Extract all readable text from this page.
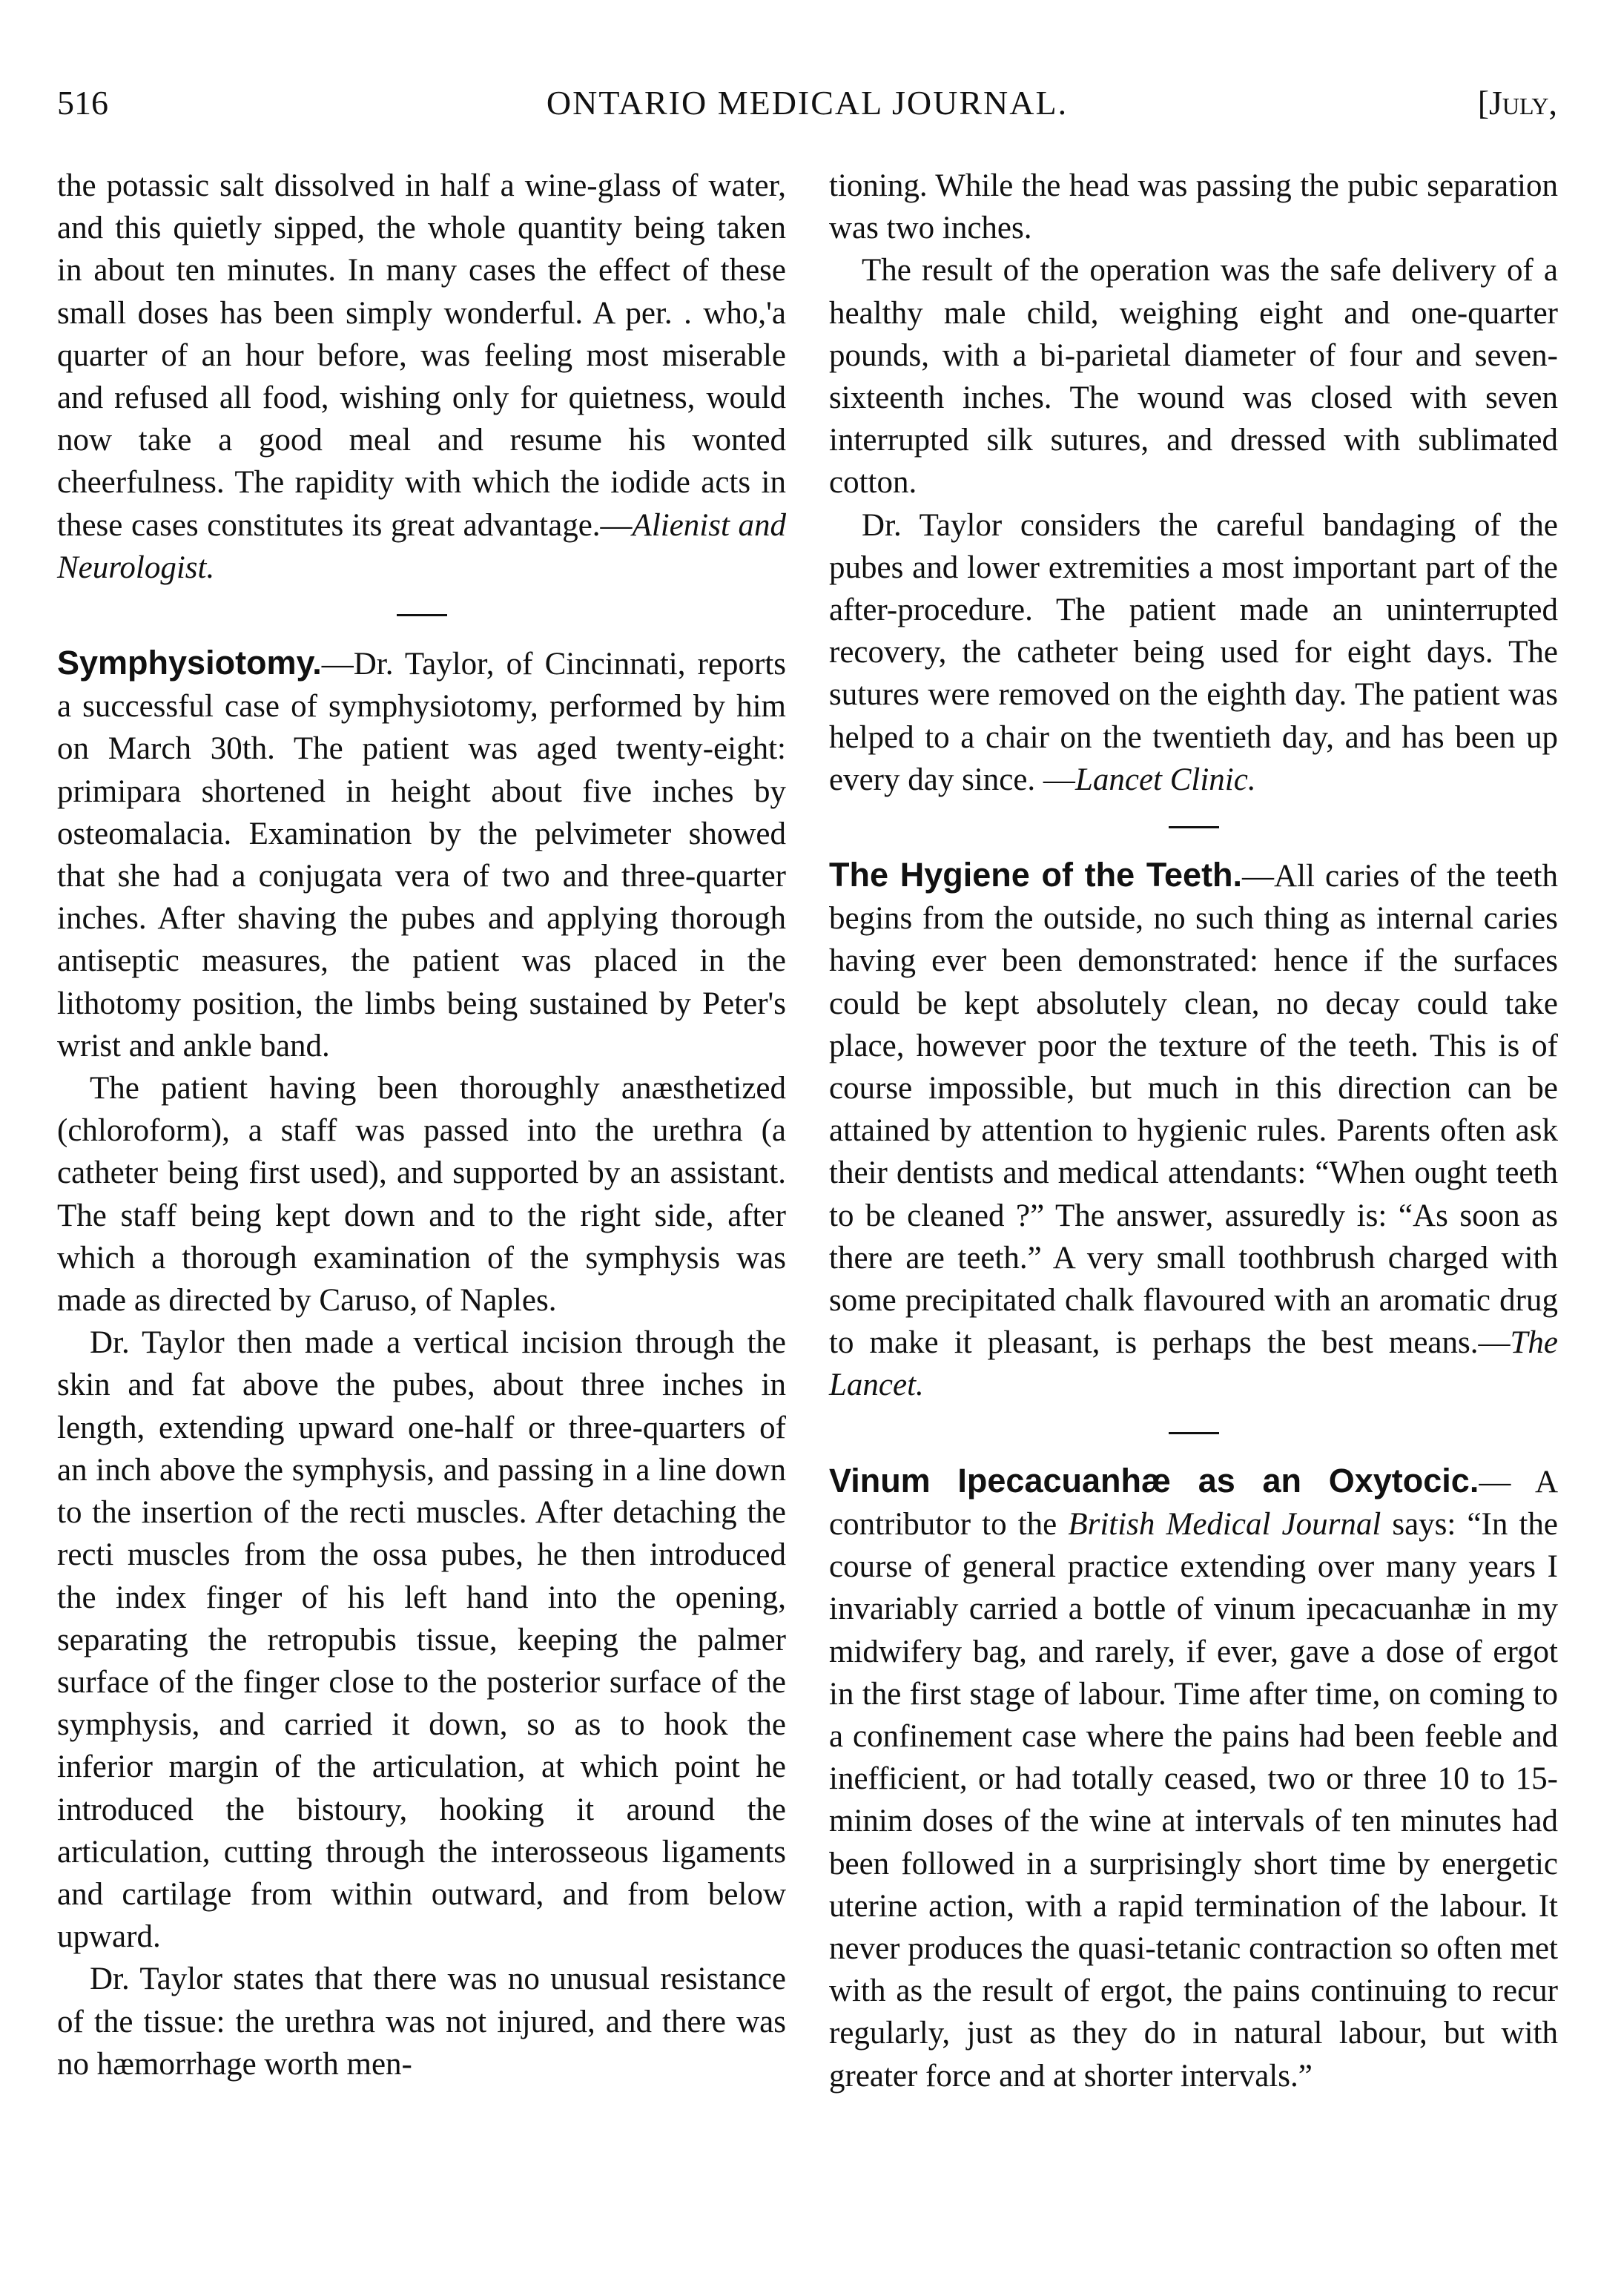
516	ONTARIO MEDICAL JOURNAL.	[July,

the potassic salt dissolved in half a wine-glass of water, and this quietly sipped, the whole quantity being taken in about ten minutes. In many cases the effect of these small doses has been simply wonderful. A per. . who,'a quarter of an hour before, was feeling most miserable and refused all food, wishing only for quietness, would now take a good meal and resume his wonted cheerfulness. The rapidity with which the iodide acts in these cases constitutes its great advantage.—Alienist and Neurologist.

Symphysiotomy.—Dr. Taylor, of Cincinnati, reports a successful case of symphysiotomy, performed by him on March 30th. The patient was aged twenty-eight: primipara shortened in height about five inches by osteomalacia. Examination by the pelvimeter showed that she had a conjugata vera of two and three-quarter inches. After shaving the pubes and applying thorough antiseptic measures, the patient was placed in the lithotomy position, the limbs being sustained by Peter's wrist and ankle band.

The patient having been thoroughly anæsthetized (chloroform), a staff was passed into the urethra (a catheter being first used), and supported by an assistant. The staff being kept down and to the right side, after which a thorough examination of the symphysis was made as directed by Caruso, of Naples.

Dr. Taylor then made a vertical incision through the skin and fat above the pubes, about three inches in length, extending upward one-half or three-quarters of an inch above the symphysis, and passing in a line down to the insertion of the recti muscles. After detaching the recti muscles from the ossa pubes, he then introduced the index finger of his left hand into the opening, separating the retropubis tissue, keeping the palmer surface of the finger close to the posterior surface of the symphysis, and carried it down, so as to hook the inferior margin of the articulation, at which point he introduced the bistoury, hooking it around the articulation, cutting through the interosseous ligaments and cartilage from within outward, and from below upward.

Dr. Taylor states that there was no unusual resistance of the tissue: the urethra was not injured, and there was no hæmorrhage worth men-

tioning. While the head was passing the pubic separation was two inches.

The result of the operation was the safe delivery of a healthy male child, weighing eight and one-quarter pounds, with a bi-parietal diameter of four and seven-sixteenth inches. The wound was closed with seven interrupted silk sutures, and dressed with sublimated cotton.

Dr. Taylor considers the careful bandaging of the pubes and lower extremities a most important part of the after-procedure. The patient made an uninterrupted recovery, the catheter being used for eight days. The sutures were removed on the eighth day. The patient was helped to a chair on the twentieth day, and has been up every day since. —Lancet Clinic.

The Hygiene of the Teeth.—All caries of the teeth begins from the outside, no such thing as internal caries having ever been demonstrated: hence if the surfaces could be kept absolutely clean, no decay could take place, however poor the texture of the teeth. This is of course impossible, but much in this direction can be attained by attention to hygienic rules. Parents often ask their dentists and medical attendants: “When ought teeth to be cleaned ?” The answer, assuredly is: “As soon as there are teeth.” A very small toothbrush charged with some precipitated chalk flavoured with an aromatic drug to make it pleasant, is perhaps the best means.—The Lancet.

Vinum Ipecacuanhæ as an Oxytocic.— A contributor to the British Medical Journal says: “In the course of general practice extending over many years I invariably carried a bottle of vinum ipecacuanhæ in my midwifery bag, and rarely, if ever, gave a dose of ergot in the first stage of labour. Time after time, on coming to a confinement case where the pains had been feeble and inefficient, or had totally ceased, two or three 10 to 15-minim doses of the wine at intervals of ten minutes had been followed in a surprisingly short time by energetic uterine action, with a rapid termination of the labour. It never produces the quasi-tetanic contraction so often met with as the result of ergot, the pains continuing to recur regularly, just as they do in natural labour, but with greater force and at shorter intervals.”
